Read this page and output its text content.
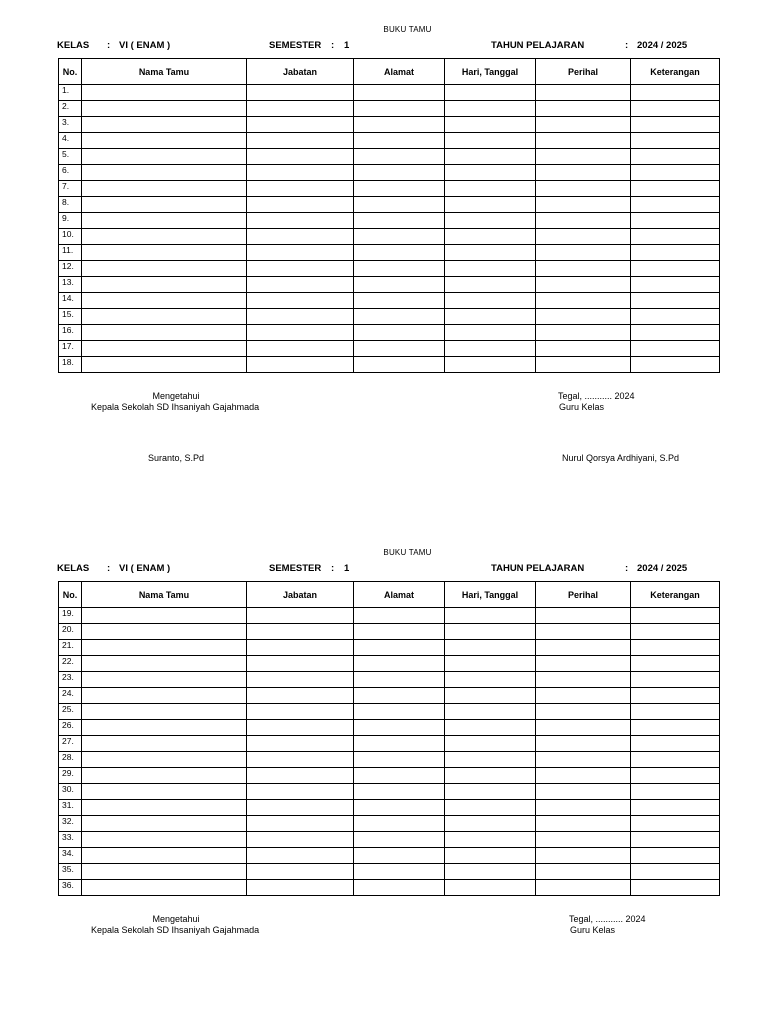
BUKU TAMU
KELAS : VI ( ENAM )	SEMESTER : 1	TAHUN PELAJARAN	: 2024 / 2025
No.	Nama Tamu	Jabatan	Alamat	Hari, Tanggal	Perihal	Keterangan
1.						
2.						
3.						
4.						
5.						
6.						
7.						
8.						
9.						
10.						
11.						
12.						
13.						
14.						
15.						
16.						
17.						
18.						
Mengetahui
Kepala Sekolah SD Ihsaniyah Gajahmada
Suranto, S.Pd
Tegal, ........... 2024
Guru Kelas
Nurul Qorsya Ardhiyani, S.Pd
BUKU TAMU
KELAS : VI ( ENAM )	SEMESTER : 1	TAHUN PELAJARAN	: 2024 / 2025
No.	Nama Tamu	Jabatan	Alamat	Hari, Tanggal	Perihal	Keterangan
19.						
20.						
21.						
22.						
23.						
24.						
25.						
26.						
27.						
28.						
29.						
30.						
31.						
32.						
33.						
34.						
35.						
36.						
Mengetahui
Kepala Sekolah SD Ihsaniyah Gajahmada
Tegal, ........... 2024
Guru Kelas
